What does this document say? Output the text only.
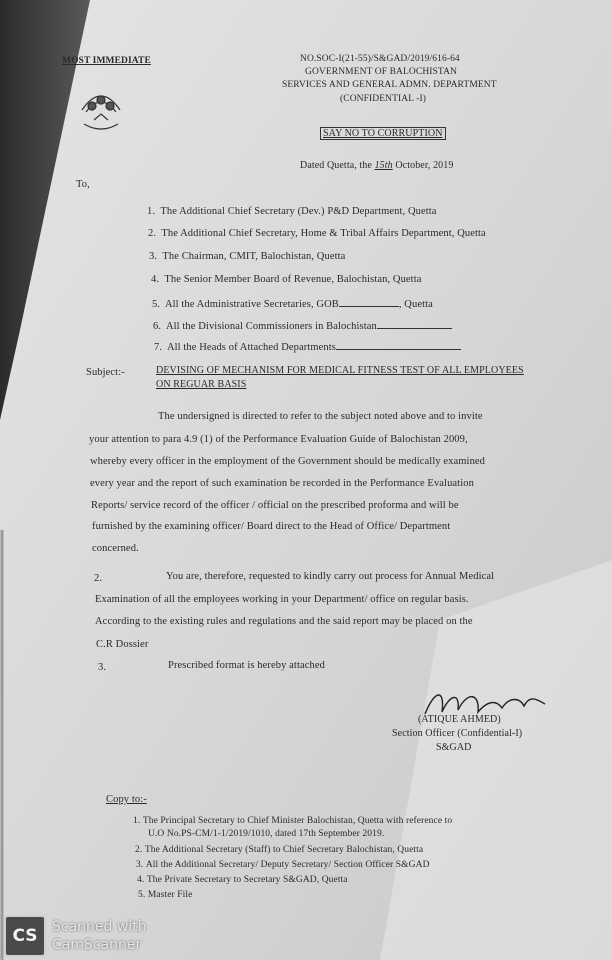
MOST IMMEDIATE	NO.SOC-I(21-55)/S&GAD/2019/616-64
GOVERNMENT OF BALOCHISTAN
SERVICES AND GENERAL ADMN. DEPARTMENT
(CONFIDENTIAL -I)
SAY NO TO CORRUPTION
Dated Quetta, the 15th October, 2019
To,
1. The Additional Chief Secretary (Dev.) P&D Department, Quetta
2. The Additional Chief Secretary, Home & Tribal Affairs Department, Quetta
3. The Chairman, CMIT, Balochistan, Quetta
4. The Senior Member Board of Revenue, Balochistan, Quetta
5. All the Administrative Secretaries, GOB	, Quetta
6. All the Divisional Commissioners in Balochistan
7. All the Heads of Attached Departments
Subject:-	DEVISING OF MECHANISM FOR MEDICAL FITNESS TEST OF ALL EMPLOYEES
ON REGUAR BASIS
The undersigned is directed to refer to the subject noted above and to invite
your attention to para 4.9 (1) of the Performance Evaluation Guide of Balochistan 2009,
whereby every officer in the employment of the Government should be medically examined
every year and the report of such examination be recorded in the Performance Evaluation
Reports/ service record of the officer / official on the prescribed proforma and will be
furnished by the examining officer/ Board direct to the Head of Office/ Department
concerned.
2.	You are, therefore, requested to kindly carry out process for Annual Medical
Examination of all the employees working in your Department/ office on regular basis.
According to the existing rules and regulations and the said report may be placed on the
C.R Dossier
3.	Prescribed format is hereby attached
(ATIQUE AHMED)
Section Officer (Confidential-I)
S&GAD
Copy to:-
1. The Principal Secretary to Chief Minister Balochistan, Quetta with reference to
U.O No.PS-CM/1-1/2019/1010, dated 17th September 2019.
2. The Additional Secretary (Staff) to Chief Secretary Balochistan, Quetta
3. All the Additional Secretary/ Deputy Secretary/ Section Officer S&GAD
4. The Private Secretary to Secretary S&GAD, Quetta
5. Master File
CS	Scanned with
CamScanner
